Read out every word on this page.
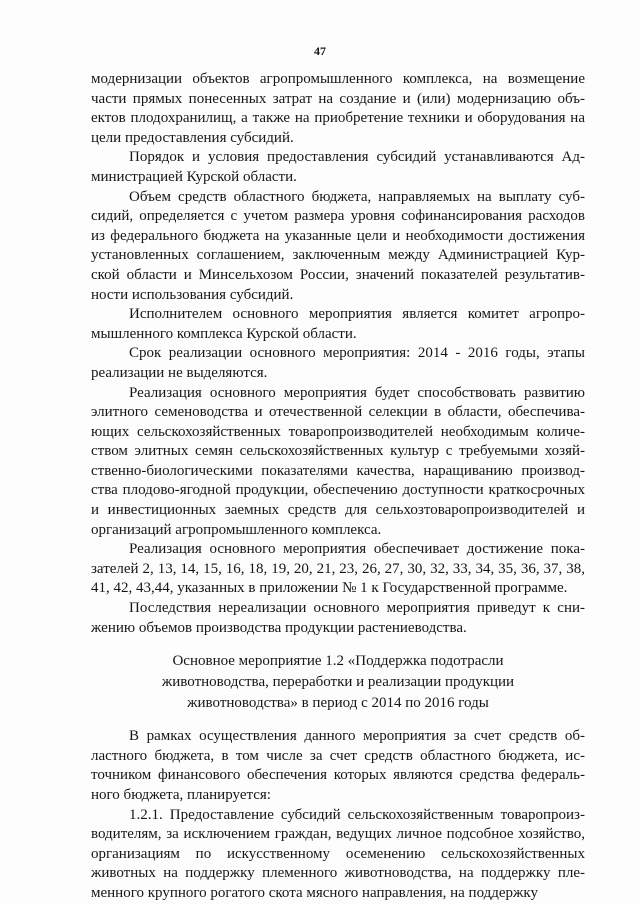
47

модернизации объектов агропромышленного комплекса, на возмещение части прямых понесенных затрат на создание и (или) модернизацию объектов плодохранилищ, а также на приобретение техники и оборудования на цели предоставления субсидий.

Порядок и условия предоставления субсидий устанавливаются Администрацией Курской области.

Объем средств областного бюджета, направляемых на выплату субсидий, определяется с учетом размера уровня софинансирования расходов из федерального бюджета на указанные цели и необходимости достижения установленных соглашением, заключенным между Администрацией Курской области и Минсельхозом России, значений показателей результативности использования субсидий.

Исполнителем основного мероприятия является комитет агропромышленного комплекса Курской области.

Срок реализации основного мероприятия: 2014 - 2016 годы, этапы реализации не выделяются.

Реализация основного мероприятия будет способствовать развитию элитного семеноводства и отечественной селекции в области, обеспечивающих сельскохозяйственных товаропроизводителей необходимым количеством элитных семян сельскохозяйственных культур с требуемыми хозяйственно-биологическими показателями качества, наращиванию производства плодово-ягодной продукции, обеспечению доступности краткосрочных и инвестиционных заемных средств для сельхозтоваропроизводителей и организаций агропромышленного комплекса.

Реализация основного мероприятия обеспечивает достижение показателей 2, 13, 14, 15, 16, 18, 19, 20, 21, 23, 26, 27, 30, 32, 33, 34, 35, 36, 37, 38, 41, 42, 43,44, указанных в приложении № 1 к Государственной программе.

Последствия нереализации основного мероприятия приведут к снижению объемов производства продукции растениеводства.

Основное мероприятие 1.2 «Поддержка подотрасли
животноводства, переработки и реализации продукции
животноводства» в период с 2014 по 2016 годы

В рамках осуществления данного мероприятия за счет средств областного бюджета, в том числе за счет средств областного бюджета, источником финансового обеспечения которых являются средства федерального бюджета, планируется:

1.2.1. Предоставление субсидий сельскохозяйственным товаропроизводителям, за исключением граждан, ведущих личное подсобное хозяйство, организациям по искусственному осеменению сельскохозяйственных животных на поддержку племенного животноводства, на поддержку племенного крупного рогатого скота мясного направления, на поддержку
